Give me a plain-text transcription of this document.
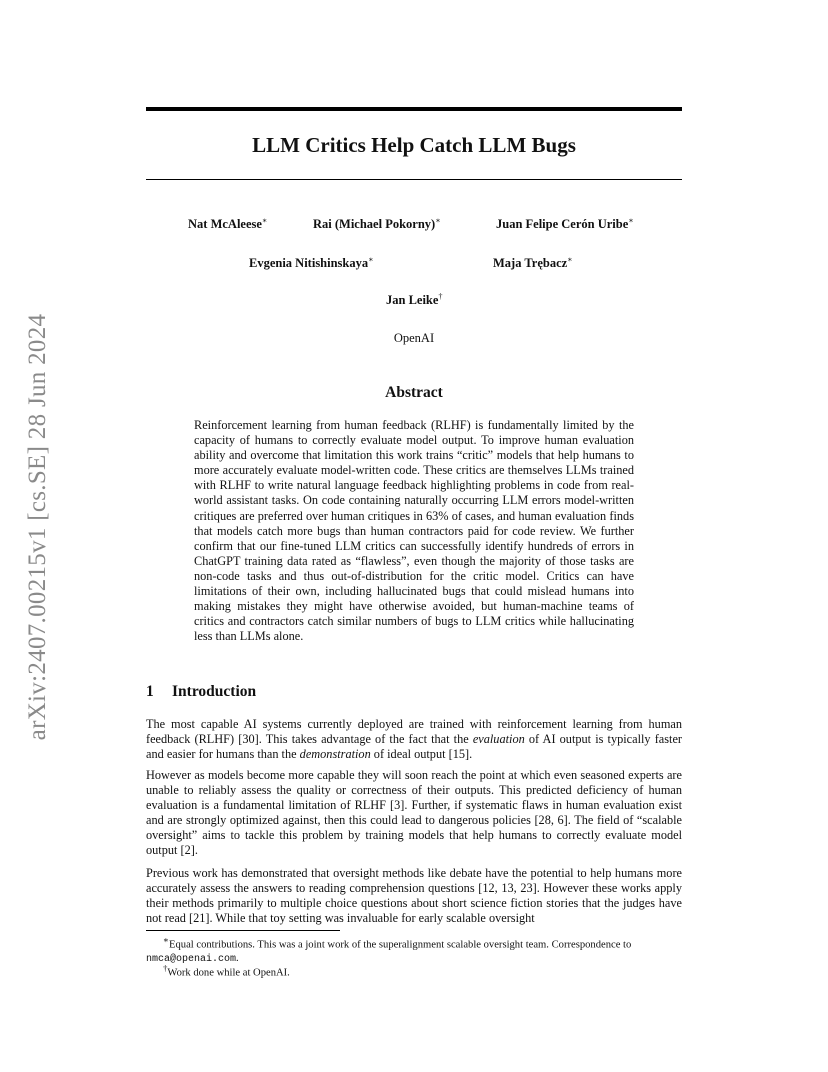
arXiv:2407.00215v1 [cs.SE] 28 Jun 2024
LLM Critics Help Catch LLM Bugs
Nat McAleese∗	Rai (Michael Pokorny)∗	Juan Felipe Cerón Uribe∗
Evgenia Nitishinskaya∗	Maja Trębacz∗
Jan Leike†
OpenAI
Abstract
Reinforcement learning from human feedback (RLHF) is fundamentally limited by the capacity of humans to correctly evaluate model output. To improve human evaluation ability and overcome that limitation this work trains “critic” models that help humans to more accurately evaluate model-written code. These critics are themselves LLMs trained with RLHF to write natural language feedback highlighting problems in code from real-world assistant tasks. On code containing naturally occurring LLM errors model-written critiques are preferred over human critiques in 63% of cases, and human evaluation finds that models catch more bugs than human contractors paid for code review. We further confirm that our fine-tuned LLM critics can successfully identify hundreds of errors in ChatGPT training data rated as “flawless”, even though the majority of those tasks are non-code tasks and thus out-of-distribution for the critic model. Critics can have limitations of their own, including hallucinated bugs that could mislead humans into making mistakes they might have otherwise avoided, but human-machine teams of critics and contractors catch similar numbers of bugs to LLM critics while hallucinating less than LLMs alone.
1 Introduction

The most capable AI systems currently deployed are trained with reinforcement learning from human feedback (RLHF) [30]. This takes advantage of the fact that the evaluation of AI output is typically faster and easier for humans than the demonstration of ideal output [15].

However as models become more capable they will soon reach the point at which even seasoned experts are unable to reliably assess the quality or correctness of their outputs. This predicted deficiency of human evaluation is a fundamental limitation of RLHF [3]. Further, if systematic flaws in human evaluation exist and are strongly optimized against, then this could lead to dangerous policies [28, 6]. The field of “scalable oversight” aims to tackle this problem by training models that help humans to correctly evaluate model output [2].

Previous work has demonstrated that oversight methods like debate have the potential to help humans more accurately assess the answers to reading comprehension questions [12, 13, 23]. However these works apply their methods primarily to multiple choice questions about short science fiction stories that the judges have not read [21]. While that toy setting was invaluable for early scalable oversight

∗Equal contributions. This was a joint work of the superalignment scalable oversight team. Correspondence to nmca@openai.com.
†Work done while at OpenAI.
